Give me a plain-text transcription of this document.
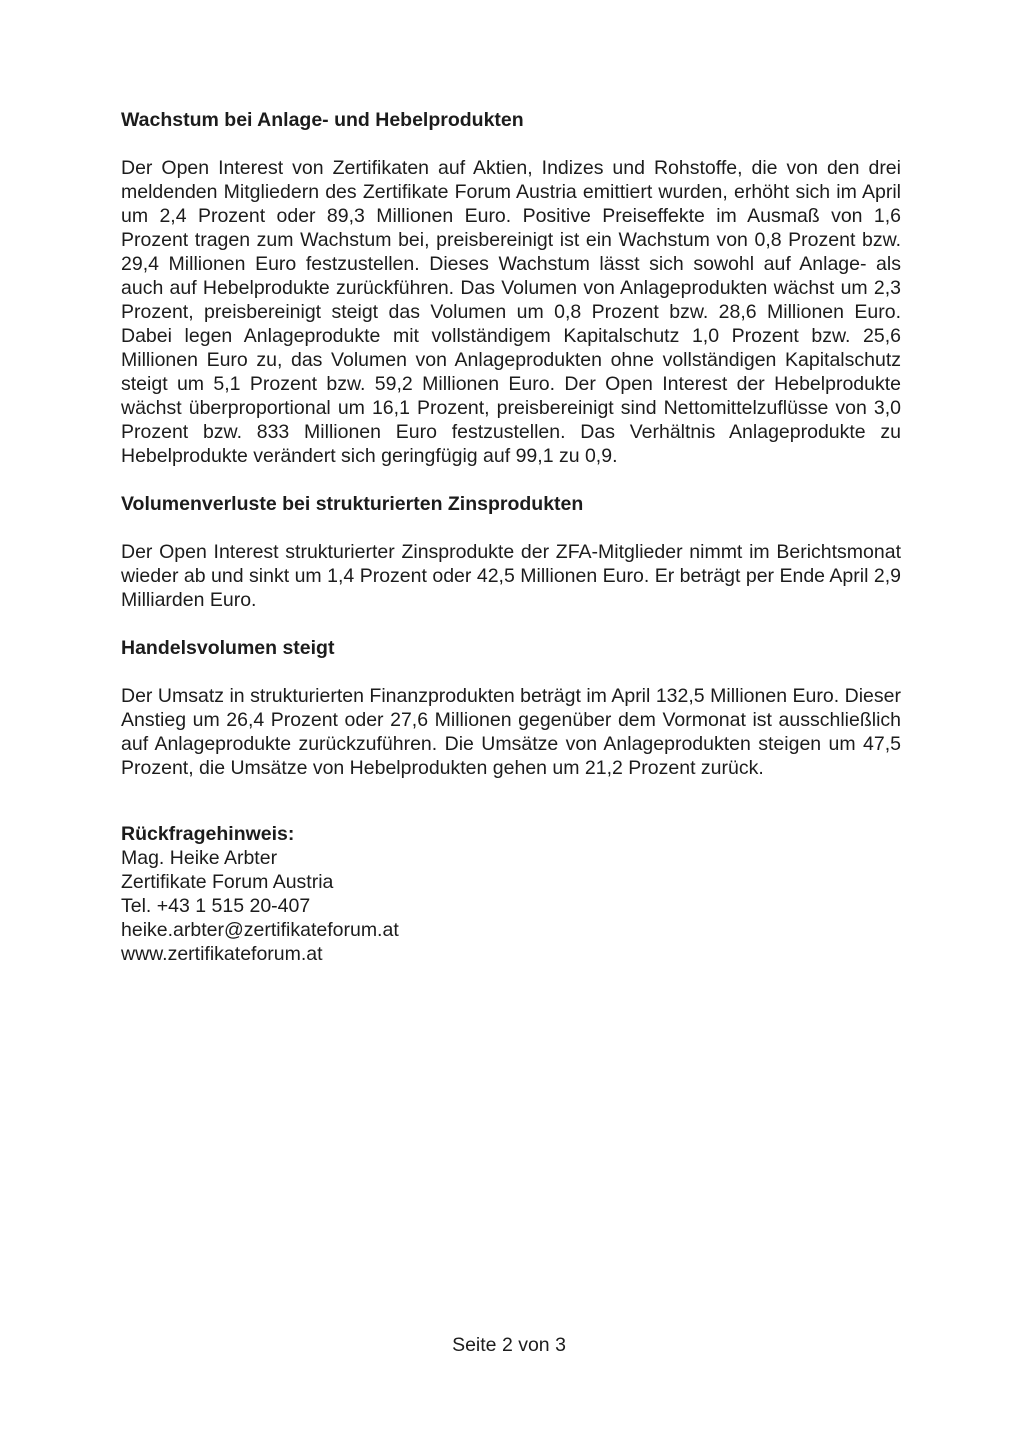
Wachstum bei Anlage- und Hebelprodukten
Der Open Interest von Zertifikaten auf Aktien, Indizes und Rohstoffe, die von den drei meldenden Mitgliedern des Zertifikate Forum Austria emittiert wurden, erhöht sich im April um 2,4 Prozent oder 89,3 Millionen Euro. Positive Preiseffekte im Ausmaß von 1,6 Prozent tragen zum Wachstum bei, preisbereinigt ist ein Wachstum von 0,8 Prozent bzw. 29,4 Millionen Euro festzustellen. Dieses Wachstum lässt sich sowohl auf Anlage- als auch auf Hebelprodukte zurückführen. Das Volumen von Anlageprodukten wächst um 2,3 Prozent, preisbereinigt steigt das Volumen um 0,8 Prozent bzw. 28,6 Millionen Euro. Dabei legen Anlageprodukte mit vollständigem Kapitalschutz 1,0 Prozent bzw. 25,6 Millionen Euro zu, das Volumen von Anlageprodukten ohne vollständigen Kapitalschutz steigt um 5,1 Prozent bzw. 59,2 Millionen Euro. Der Open Interest der Hebelprodukte wächst überproportional um 16,1 Prozent, preisbereinigt sind Nettomittelzuflüsse von 3,0 Prozent bzw. 833 Millionen Euro festzustellen. Das Verhältnis Anlageprodukte zu Hebelprodukte verändert sich geringfügig auf 99,1 zu 0,9.
Volumenverluste bei strukturierten Zinsprodukten
Der Open Interest strukturierter Zinsprodukte der ZFA-Mitglieder nimmt im Berichtsmonat wieder ab und sinkt um 1,4 Prozent oder 42,5 Millionen Euro. Er beträgt per Ende April 2,9 Milliarden Euro.
Handelsvolumen steigt
Der Umsatz in strukturierten Finanzprodukten beträgt im April 132,5 Millionen Euro. Dieser Anstieg um 26,4 Prozent oder 27,6 Millionen gegenüber dem Vormonat ist ausschließlich auf Anlageprodukte zurückzuführen. Die Umsätze von Anlageprodukten steigen um 47,5 Prozent, die Umsätze von Hebelprodukten gehen um 21,2 Prozent zurück.
Rückfragehinweis:
Mag. Heike Arbter
Zertifikate Forum Austria
Tel. +43 1 515 20-407
heike.arbter@zertifikateforum.at
www.zertifikateforum.at
Seite 2 von 3
